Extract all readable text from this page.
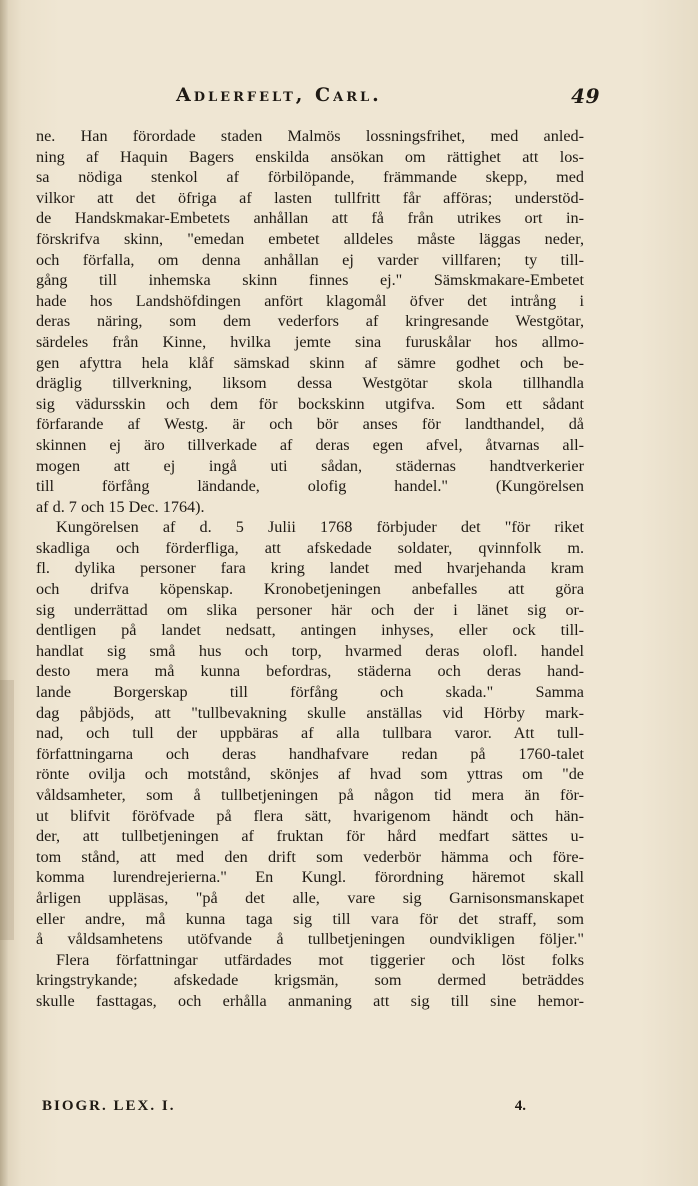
Adlerfelt, Carl.	49
ne. Han förordade staden Malmös lossningsfrihet, med anled-
ning af Haquin Bagers enskilda ansökan om rättighet att los-
sa nödiga stenkol af förbilöpande, främmande skepp, med
vilkor att det öfriga af lasten tullfritt får afföras; understöd-
de Handskmakar-Embetets anhållan att få från utrikes ort in-
förskrifva skinn, "emedan embetet alldeles måste läggas neder,
och förfalla, om denna anhållan ej varder villfaren; ty till-
gång till inhemska skinn finnes ej." Sämskmakare-Embetet
hade hos Landshöfdingen anfört klagomål öfver det intrång i
deras näring, som dem vederfors af kringresande Westgötar,
särdeles från Kinne, hvilka jemte sina furuskålar hos allmo-
gen afyttra hela klåf sämskad skinn af sämre godhet och be-
dräglig tillverkning, liksom dessa Westgötar skola tillhandla
sig vädursskin och dem för bockskinn utgifva. Som ett sådant
förfarande af Westg. är och bör anses för landthandel, då
skinnen ej äro tillverkade af deras egen afvel, åtvarnas all-
mogen att ej ingå uti sådan, städernas handtverkerier
till förfång ländande, olofig handel." (Kungörelsen
af d. 7 och 15 Dec. 1764).
Kungörelsen af d. 5 Julii 1768 förbjuder det "för riket
skadliga och förderfliga, att afskedade soldater, qvinnfolk m.
fl. dylika personer fara kring landet med hvarjehanda kram
och drifva köpenskap. Kronobetjeningen anbefalles att göra
sig underrättad om slika personer här och der i länet sig or-
dentligen på landet nedsatt, antingen inhyses, eller ock till-
handlat sig små hus och torp, hvarmed deras olofl. handel
desto mera må kunna befordras, städerna och deras hand-
lande Borgerskap till förfång och skada." Samma
dag påbjöds, att "tullbevakning skulle anställas vid Hörby mark-
nad, och tull der uppbäras af alla tullbara varor. Att tull-
författningarna och deras handhafvare redan på 1760-talet
rönte ovilja och motstånd, skönjes af hvad som yttras om "de
våldsamheter, som å tullbetjeningen på någon tid mera än för-
ut blifvit föröfvade på flera sätt, hvarigenom händt och hän-
der, att tullbetjeningen af fruktan för hård medfart sättes u-
tom stånd, att med den drift som vederbör hämma och före-
komma lurendrejerierna." En Kungl. förordning häremot skall
årligen uppläsas, "på det alle, vare sig Garnisonsmanskapet
eller andre, må kunna taga sig till vara för det straff, som
å våldsamhetens utöfvande å tullbetjeningen oundvikligen följer."
Flera författningar utfärdades mot tiggerier och löst folks
kringstrykande; afskedade krigsmän, som dermed beträddes
skulle fasttagas, och erhålla anmaning att sig till sine hemor-
BIOGR. LEX. I.	4.
